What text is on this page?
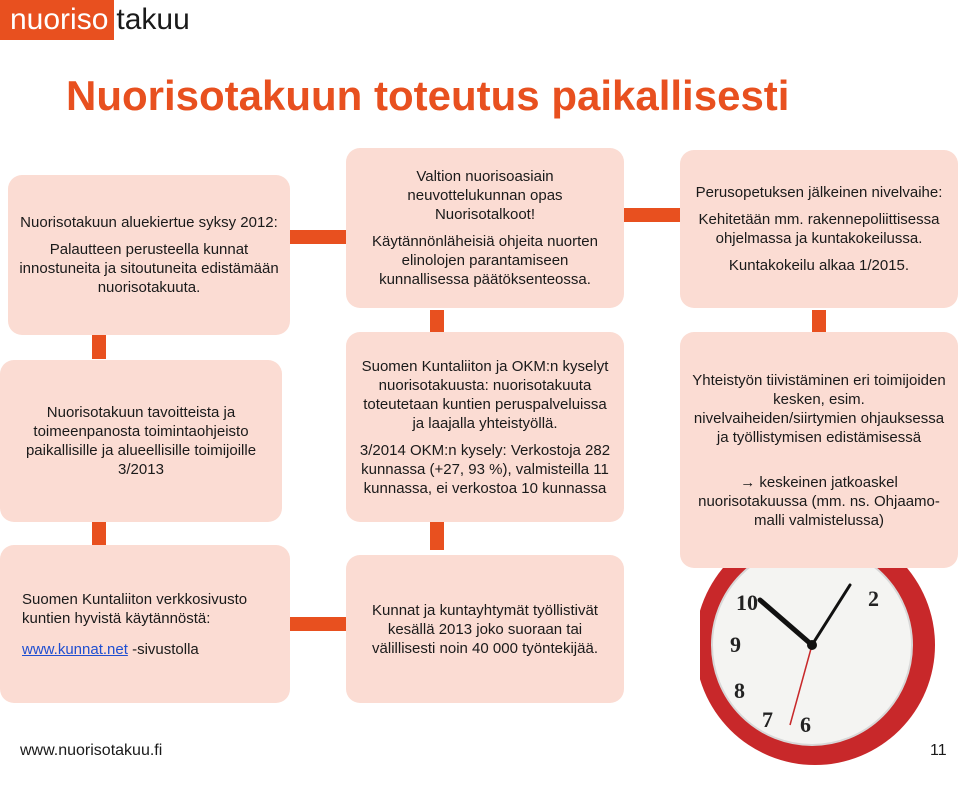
nuoriso takuu
Nuorisotakuun toteutus paikallisesti
10	2
9
8
7 6

Nuorisotakuun aluekiertue syksy 2012:

Palautteen perusteella kunnat innostuneita ja sitoutuneita edistämään nuorisotakuuta.

Valtion nuorisoasiain neuvottelukunnan opas Nuorisotalkoot!

Käytännönläheisiä ohjeita nuorten elinolojen parantamiseen kunnallisessa päätöksenteossa.

Perusopetuksen jälkeinen nivelvaihe:

Kehitetään mm. rakennepoliittisessa ohjelmassa ja kuntakokeilussa.

Kuntakokeilu alkaa 1/2015.

Nuorisotakuun tavoitteista ja toimeenpanosta toimintaohjeisto paikallisille ja alueellisille toimijoille 3/2013

Suomen Kuntaliiton ja OKM:n kyselyt nuorisotakuusta: nuorisotakuuta toteutetaan kuntien peruspalveluissa ja laajalla yhteistyöllä.

3/2014 OKM:n kysely: Verkostoja 282 kunnassa (+27, 93 %), valmisteilla 11 kunnassa, ei verkostoa 10 kunnassa

Yhteistyön tiivistäminen eri toimijoiden kesken, esim. nivelvaiheiden/siirtymien ohjauksessa ja työllistymisen edistämisessä

→ keskeinen jatkoaskel nuorisotakuussa (mm. ns. Ohjaamo-malli valmistelussa)

Suomen Kuntaliiton verkkosivusto kuntien hyvistä käytännöstä:

www.kunnat.net -sivustolla

Kunnat ja kuntayhtymät työllistivät kesällä 2013 joko suoraan tai välillisesti noin 40 000 työntekijää.

www.nuorisotakuu.fi	11
